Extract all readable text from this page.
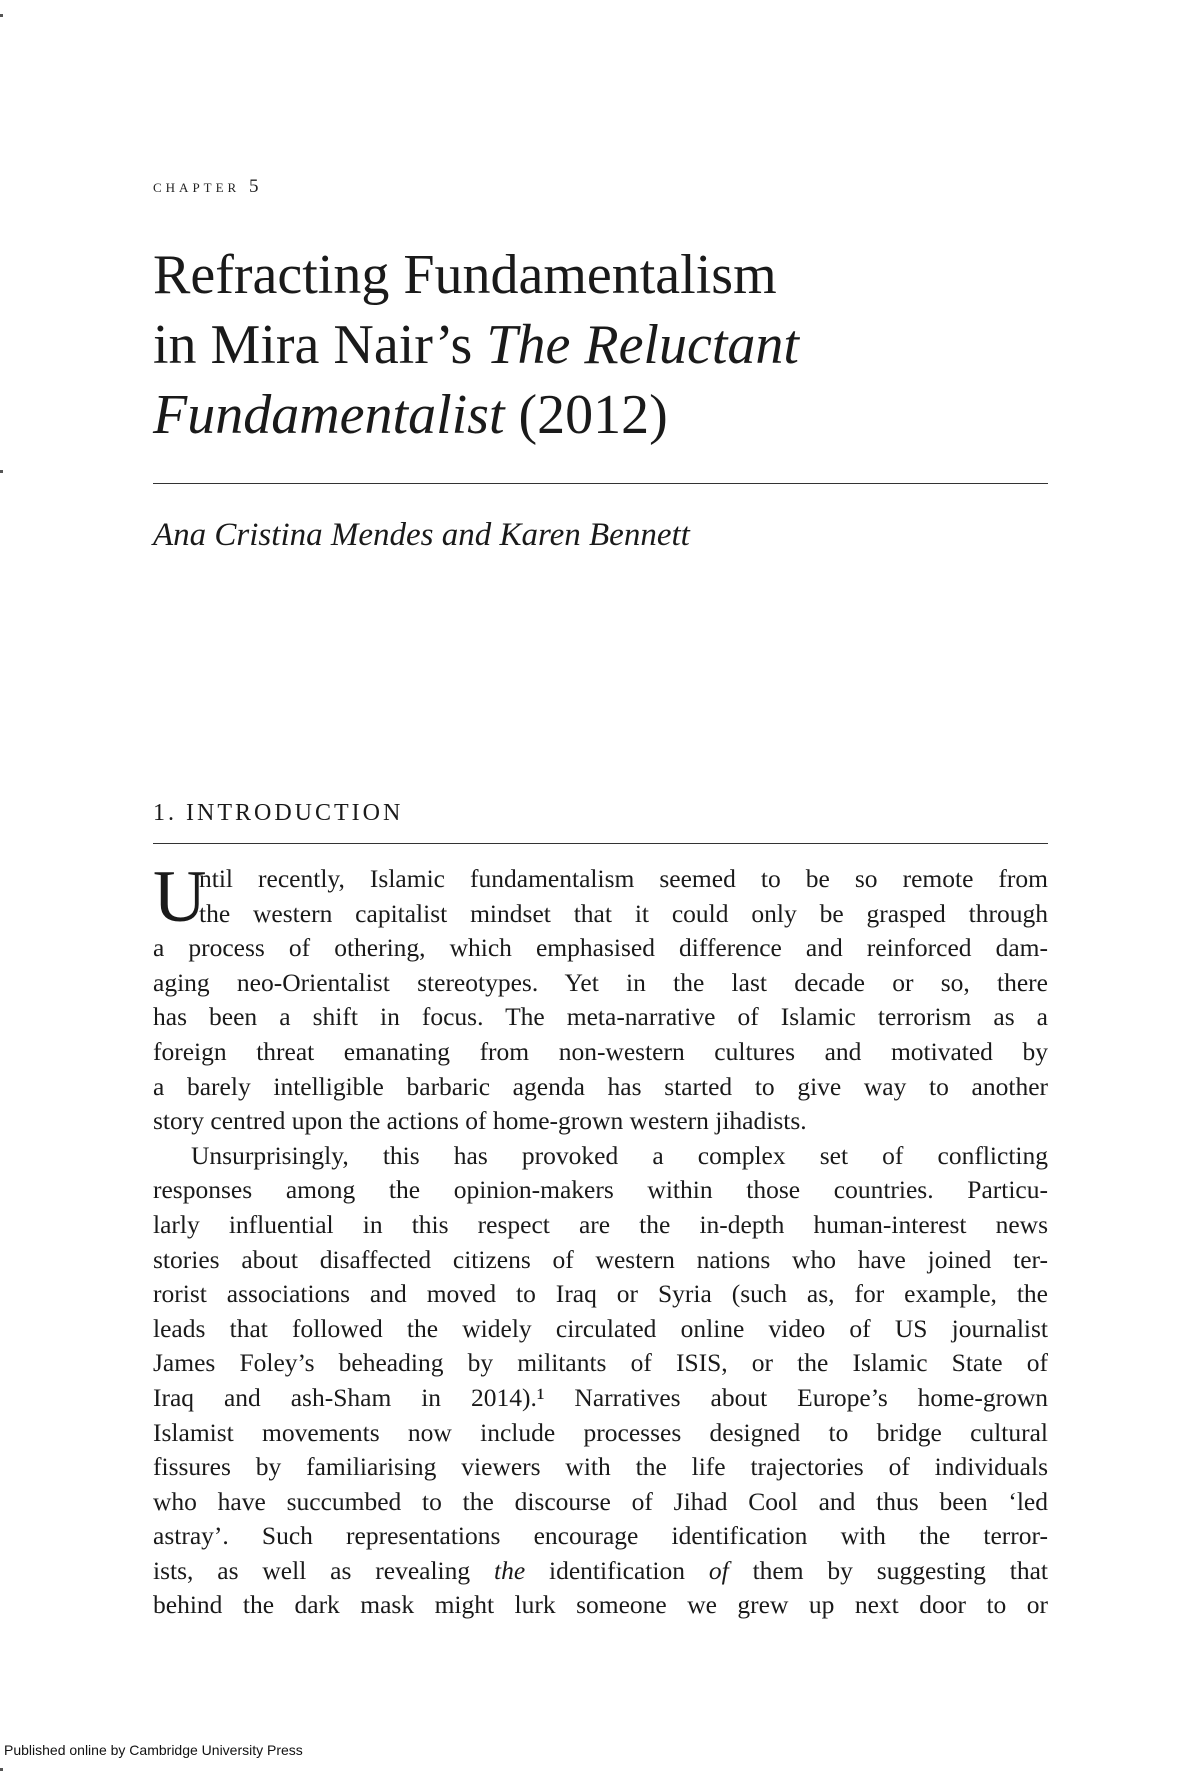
chapter 5
Refracting Fundamentalism
in Mira Nair’s The Reluctant
Fundamentalist (2012)
Ana Cristina Mendes and Karen Bennett
1. INTRODUCTION
U
ntil recently, Islamic fundamentalism seemed to be so remote from
the western capitalist mindset that it could only be grasped through
a process of othering, which emphasised difference and reinforced dam-
aging neo-Orientalist stereotypes. Yet in the last decade or so, there
has been a shift in focus. The meta-narrative of Islamic terrorism as a
foreign threat emanating from non-western cultures and motivated by
a barely intelligible barbaric agenda has started to give way to another
story centred upon the actions of home-grown western jihadists.
Unsurprisingly, this has provoked a complex set of conflicting
responses among the opinion-makers within those countries. Particu-
larly influential in this respect are the in-depth human-interest news
stories about disaffected citizens of western nations who have joined ter-
rorist associations and moved to Iraq or Syria (such as, for example, the
leads that followed the widely circulated online video of US journalist
James Foley’s beheading by militants of ISIS, or the Islamic State of
Iraq and ash-Sham in 2014).¹ Narratives about Europe’s home-grown
Islamist movements now include processes designed to bridge cultural
fissures by familiarising viewers with the life trajectories of individuals
who have succumbed to the discourse of Jihad Cool and thus been ‘led
astray’. Such representations encourage identification with the terror-
ists, as well as revealing the identification of them by suggesting that
behind the dark mask might lurk someone we grew up next door to or
Published online by Cambridge University Press
